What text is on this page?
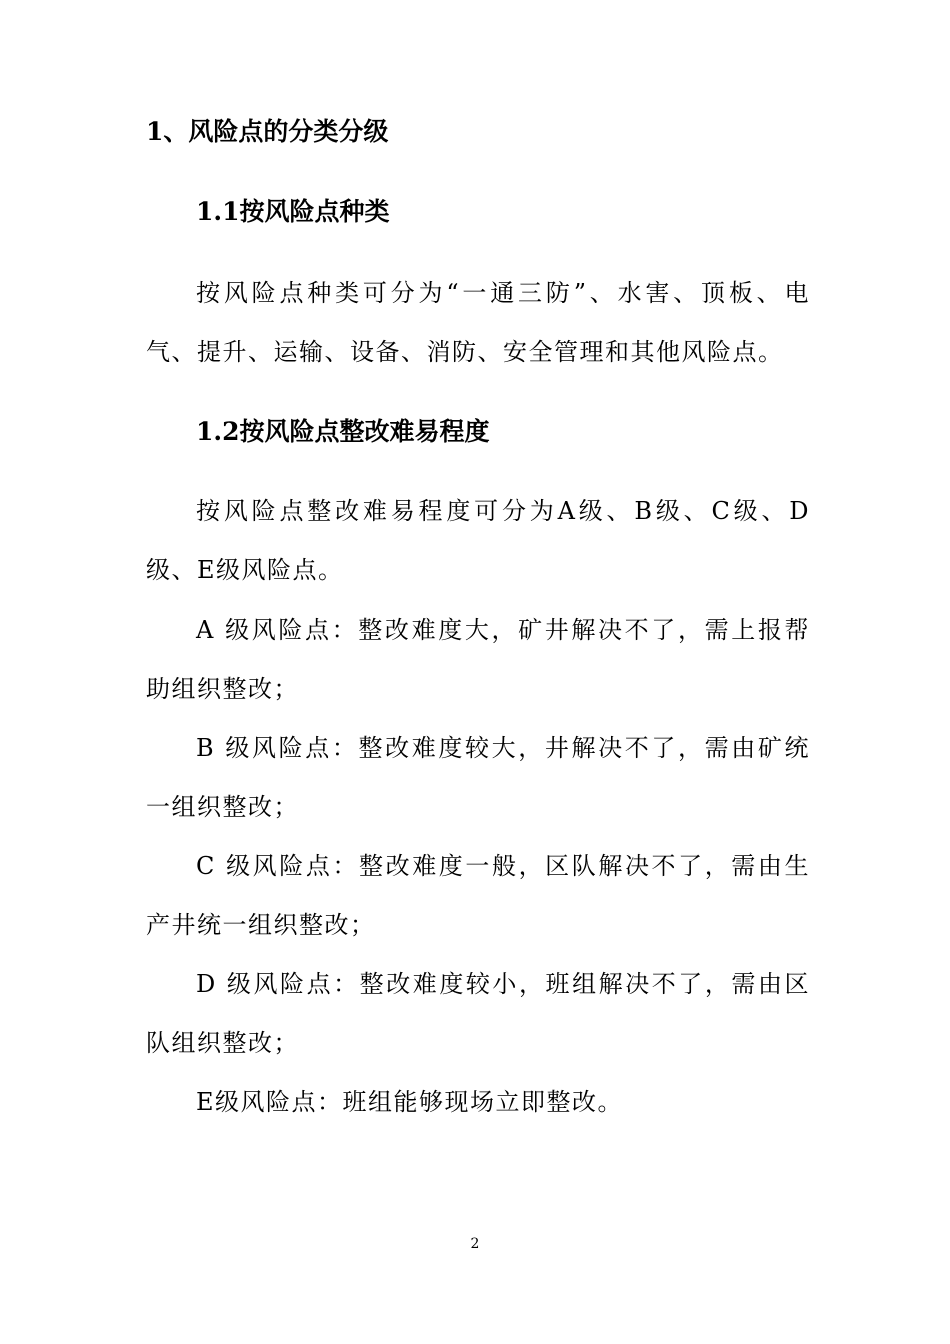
1、风险点的分类分级
1.1按风险点种类
按风险点种类可分为“一通三防”、水害、顶板、电气、提升、运输、设备、消防、安全管理和其他风险点。
1.2按风险点整改难易程度
按风险点整改难易程度可分为A级、B级、C级、D级、E级风险点。
A 级风险点：整改难度大，矿井解决不了，需上报帮助组织整改；
B 级风险点：整改难度较大，井解决不了，需由矿统一组织整改；
C 级风险点：整改难度一般，区队解决不了，需由生产井统一组织整改；
D 级风险点：整改难度较小，班组解决不了，需由区队组织整改；
E级风险点：班组能够现场立即整改。
2
